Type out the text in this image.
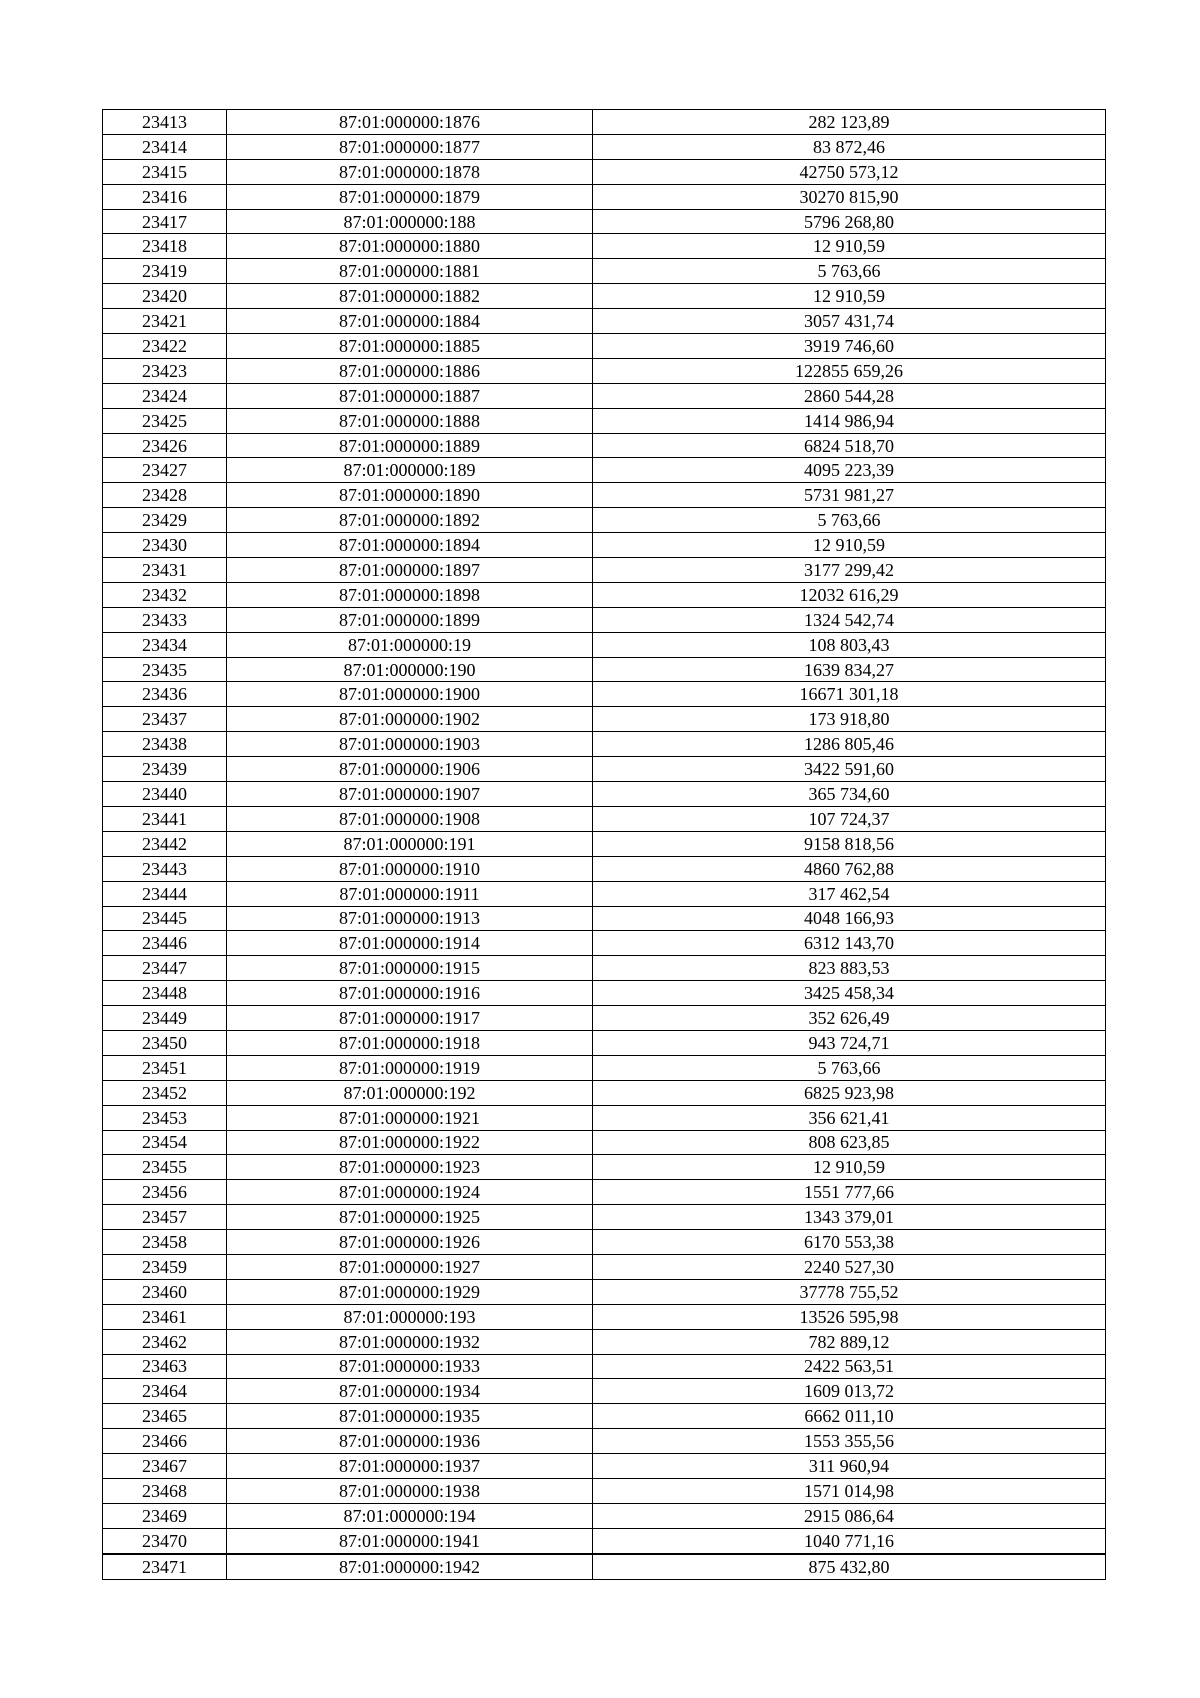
23413	87:01:000000:1876	282 123,89
23414	87:01:000000:1877	83 872,46
23415	87:01:000000:1878	42750 573,12
23416	87:01:000000:1879	30270 815,90
23417	87:01:000000:188	5796 268,80
23418	87:01:000000:1880	12 910,59
23419	87:01:000000:1881	5 763,66
23420	87:01:000000:1882	12 910,59
23421	87:01:000000:1884	3057 431,74
23422	87:01:000000:1885	3919 746,60
23423	87:01:000000:1886	122855 659,26
23424	87:01:000000:1887	2860 544,28
23425	87:01:000000:1888	1414 986,94
23426	87:01:000000:1889	6824 518,70
23427	87:01:000000:189	4095 223,39
23428	87:01:000000:1890	5731 981,27
23429	87:01:000000:1892	5 763,66
23430	87:01:000000:1894	12 910,59
23431	87:01:000000:1897	3177 299,42
23432	87:01:000000:1898	12032 616,29
23433	87:01:000000:1899	1324 542,74
23434	87:01:000000:19	108 803,43
23435	87:01:000000:190	1639 834,27
23436	87:01:000000:1900	16671 301,18
23437	87:01:000000:1902	173 918,80
23438	87:01:000000:1903	1286 805,46
23439	87:01:000000:1906	3422 591,60
23440	87:01:000000:1907	365 734,60
23441	87:01:000000:1908	107 724,37
23442	87:01:000000:191	9158 818,56
23443	87:01:000000:1910	4860 762,88
23444	87:01:000000:1911	317 462,54
23445	87:01:000000:1913	4048 166,93
23446	87:01:000000:1914	6312 143,70
23447	87:01:000000:1915	823 883,53
23448	87:01:000000:1916	3425 458,34
23449	87:01:000000:1917	352 626,49
23450	87:01:000000:1918	943 724,71
23451	87:01:000000:1919	5 763,66
23452	87:01:000000:192	6825 923,98
23453	87:01:000000:1921	356 621,41
23454	87:01:000000:1922	808 623,85
23455	87:01:000000:1923	12 910,59
23456	87:01:000000:1924	1551 777,66
23457	87:01:000000:1925	1343 379,01
23458	87:01:000000:1926	6170 553,38
23459	87:01:000000:1927	2240 527,30
23460	87:01:000000:1929	37778 755,52
23461	87:01:000000:193	13526 595,98
23462	87:01:000000:1932	782 889,12
23463	87:01:000000:1933	2422 563,51
23464	87:01:000000:1934	1609 013,72
23465	87:01:000000:1935	6662 011,10
23466	87:01:000000:1936	1553 355,56
23467	87:01:000000:1937	311 960,94
23468	87:01:000000:1938	1571 014,98
23469	87:01:000000:194	2915 086,64
23470	87:01:000000:1941	1040 771,16
23471	87:01:000000:1942	875 432,80
